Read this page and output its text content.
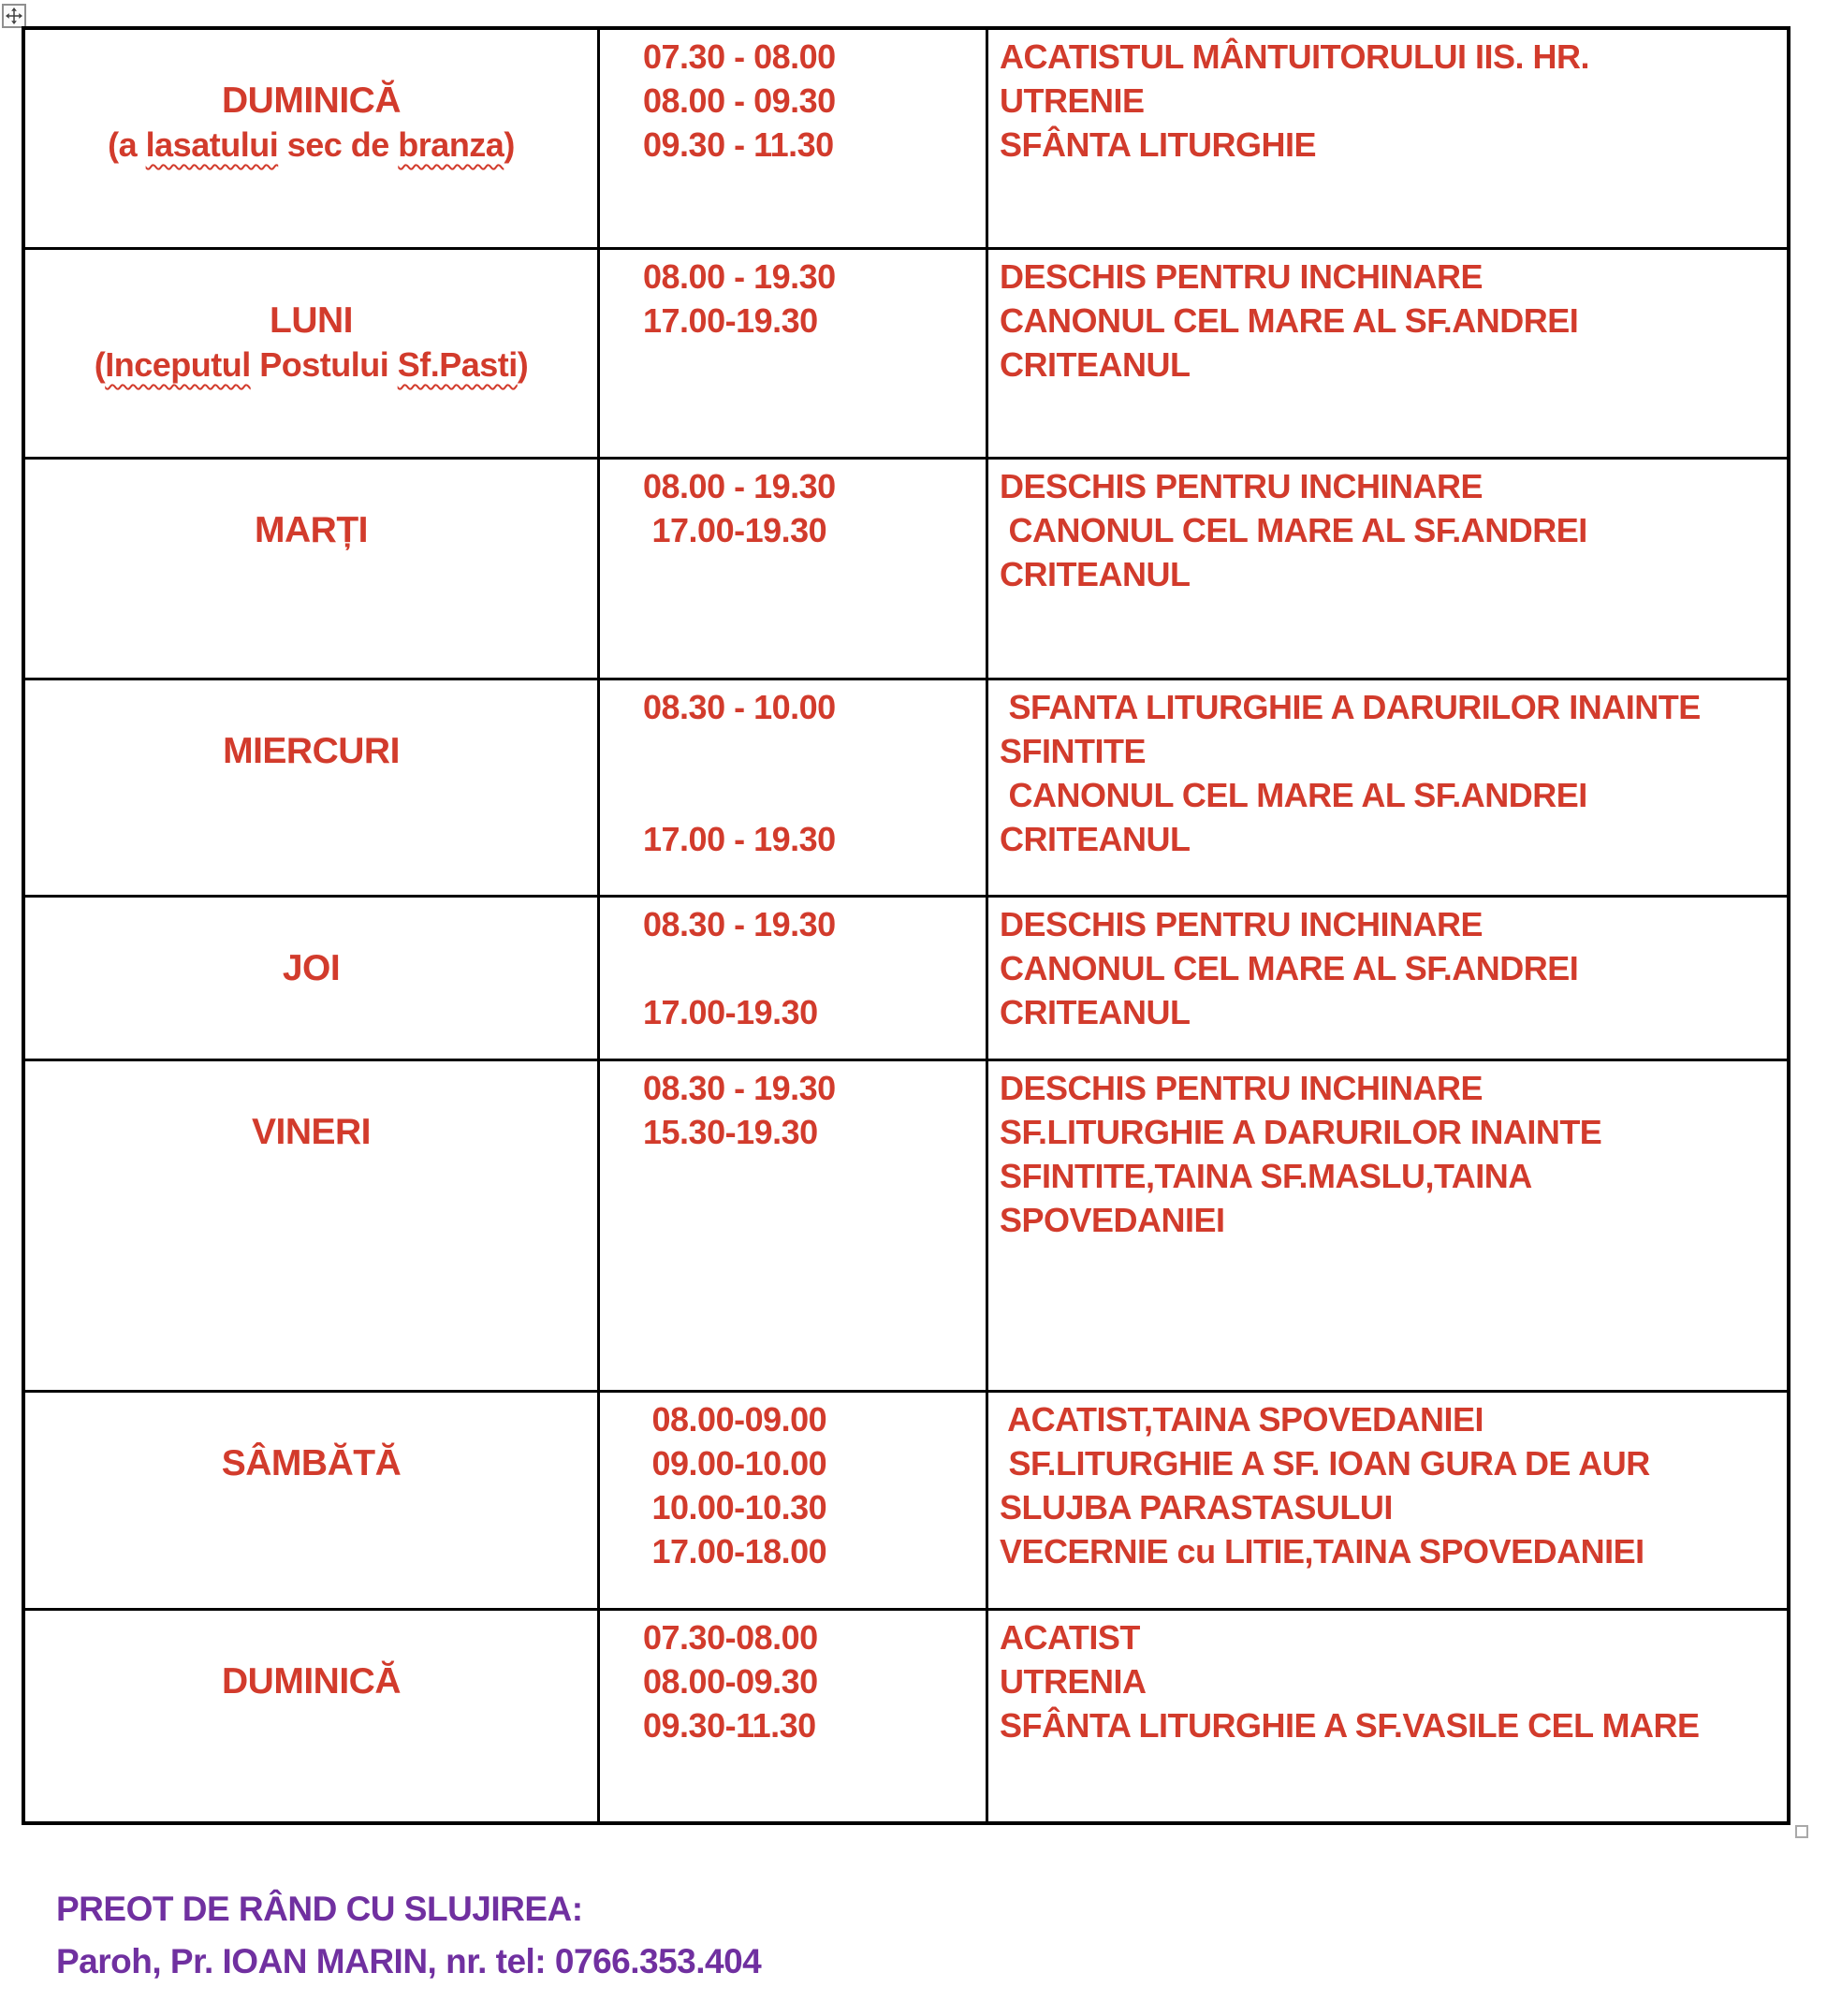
DUMINICĂ
(a lasatului sec de branza)
07.30 - 08.00
08.00 - 09.30
09.30 - 11.30
ACATISTUL MÂNTUITORULUI IIS. HR.
UTRENIE
SFÂNTA LITURGHIE

LUNI
(Inceputul Postului Sf.Pasti)
08.00 - 19.30
17.00-19.30
DESCHIS PENTRU INCHINARE
CANONUL CEL MARE AL SF.ANDREI
CRITEANUL

MARȚI
08.00 - 19.30
17.00-19.30
DESCHIS PENTRU INCHINARE
CANONUL CEL MARE AL SF.ANDREI
CRITEANUL

MIERCURI
08.30 - 10.00

17.00 - 19.30
SFANTA LITURGHIE A DARURILOR INAINTE
SFINTITE
CANONUL CEL MARE AL SF.ANDREI
CRITEANUL

JOI
08.30 - 19.30

17.00-19.30
DESCHIS PENTRU INCHINARE
CANONUL CEL MARE AL SF.ANDREI
CRITEANUL

VINERI
08.30 - 19.30
15.30-19.30
DESCHIS PENTRU INCHINARE
SF.LITURGHIE A DARURILOR INAINTE
SFINTITE,TAINA SF.MASLU,TAINA
SPOVEDANIEI

SÂMBĂTĂ
08.00-09.00
09.00-10.00
10.00-10.30
17.00-18.00
ACATIST,TAINA SPOVEDANIEI
SF.LITURGHIE A SF. IOAN GURA DE AUR
SLUJBA PARASTASULUI
VECERNIE cu LITIE,TAINA SPOVEDANIEI

DUMINICĂ
07.30-08.00
08.00-09.30
09.30-11.30
ACATIST
UTRENIA
SFÂNTA LITURGHIE A SF.VASILE CEL MARE
PREOT DE RÂND CU SLUJIREA:
Paroh, Pr. IOAN MARIN, nr. tel: 0766.353.404
